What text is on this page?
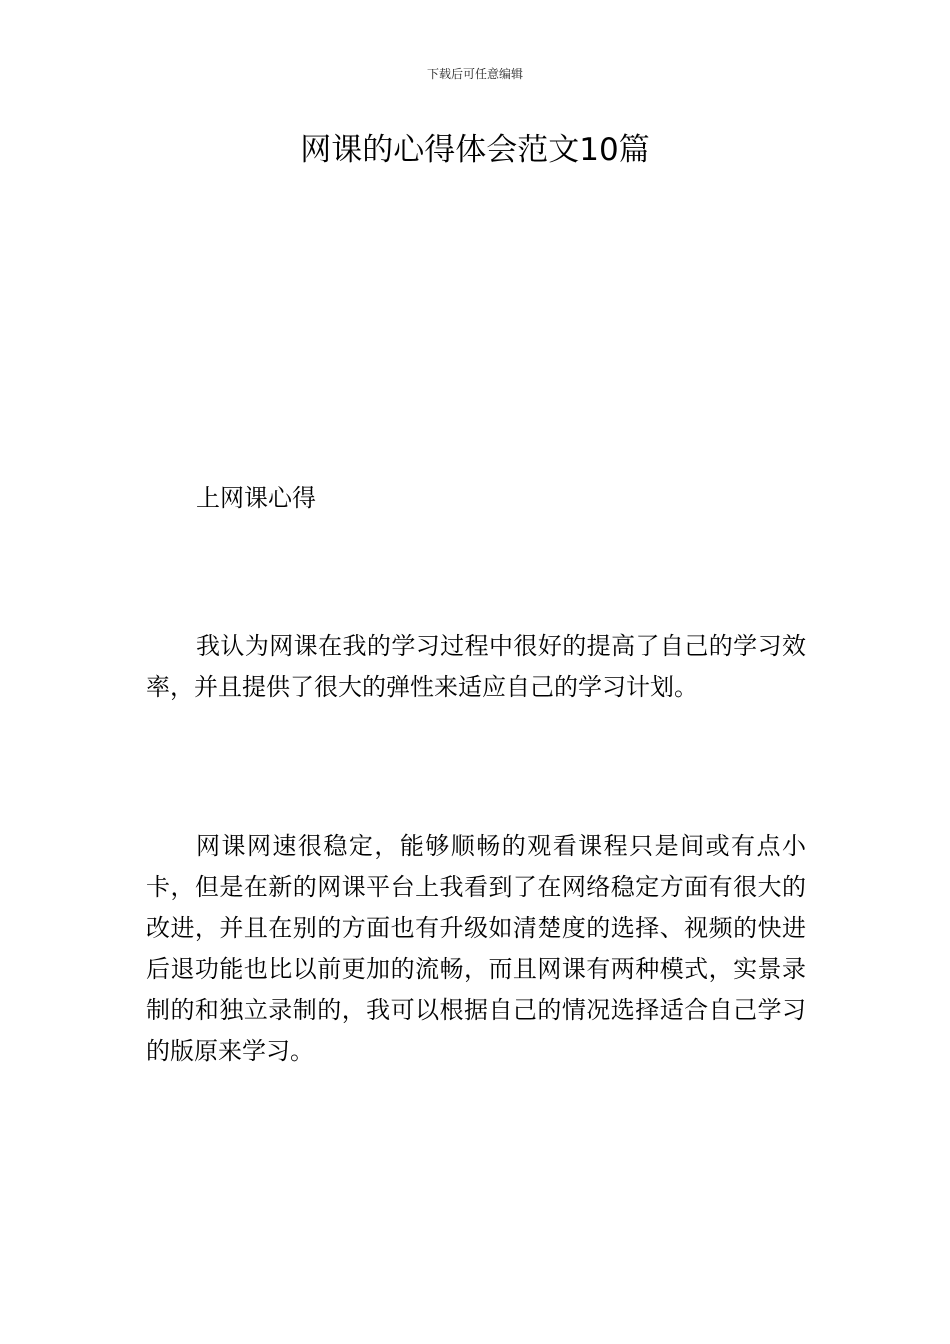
下载后可任意编辑
网课的心得体会范文10篇
上网课心得

我认为网课在我的学习过程中很好的提高了自己的学习效率，并且提供了很大的弹性来适应自己的学习计划。

网课网速很稳定，能够顺畅的观看课程只是间或有点小卡，但是在新的网课平台上我看到了在网络稳定方面有很大的改进，并且在别的方面也有升级如清楚度的选择、视频的快进后退功能也比以前更加的流畅，而且网课有两种模式，实景录制的和独立录制的，我可以根据自己的情况选择适合自己学习的版原来学习。
